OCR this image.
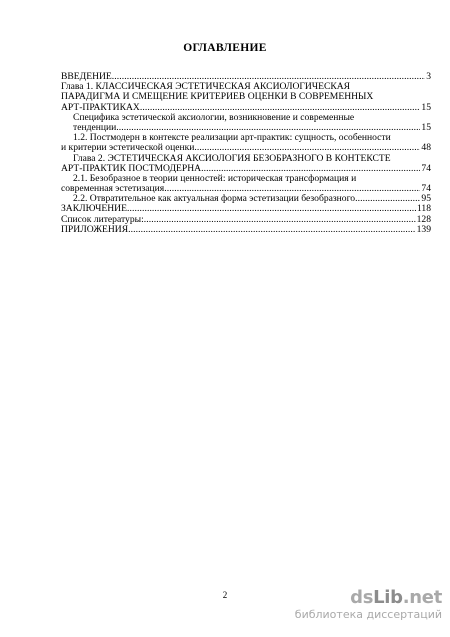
ОГЛАВЛЕНИЕ
ВВЕДЕНИЕ .....	3
Глава 1. КЛАССИЧЕСКАЯ ЭСТЕТИЧЕСКАЯ АКСИОЛОГИЧЕСКАЯ
ПАРАДИГМА И СМЕЩЕНИЕ КРИТЕРИЕВ ОЦЕНКИ В СОВРЕМЕННЫХ
АРТ-ПРАКТИКАХ .....	15
Специфика эстетической аксиологии, возникновение и современные
тенденции .....	15
1.2. Постмодерн в контексте реализации арт-практик: сущность, особенности
и критерии эстетической оценки .....	48
Глава 2. ЭСТЕТИЧЕСКАЯ АКСИОЛОГИЯ БЕЗОБРАЗНОГО В КОНТЕКСТЕ
АРТ-ПРАКТИК ПОСТМОДЕРНА .....	74
2.1. Безобразное в теории ценностей: историческая трансформация и
современная эстетизация .....	74
2.2. Отвратительное как актуальная форма эстетизации безобразного .....	95
ЗАКЛЮЧЕНИЕ .....	118
Список литературы: .....	128
ПРИЛОЖЕНИЯ .....	139
2	dsLib.net
библиотека диссертаций
